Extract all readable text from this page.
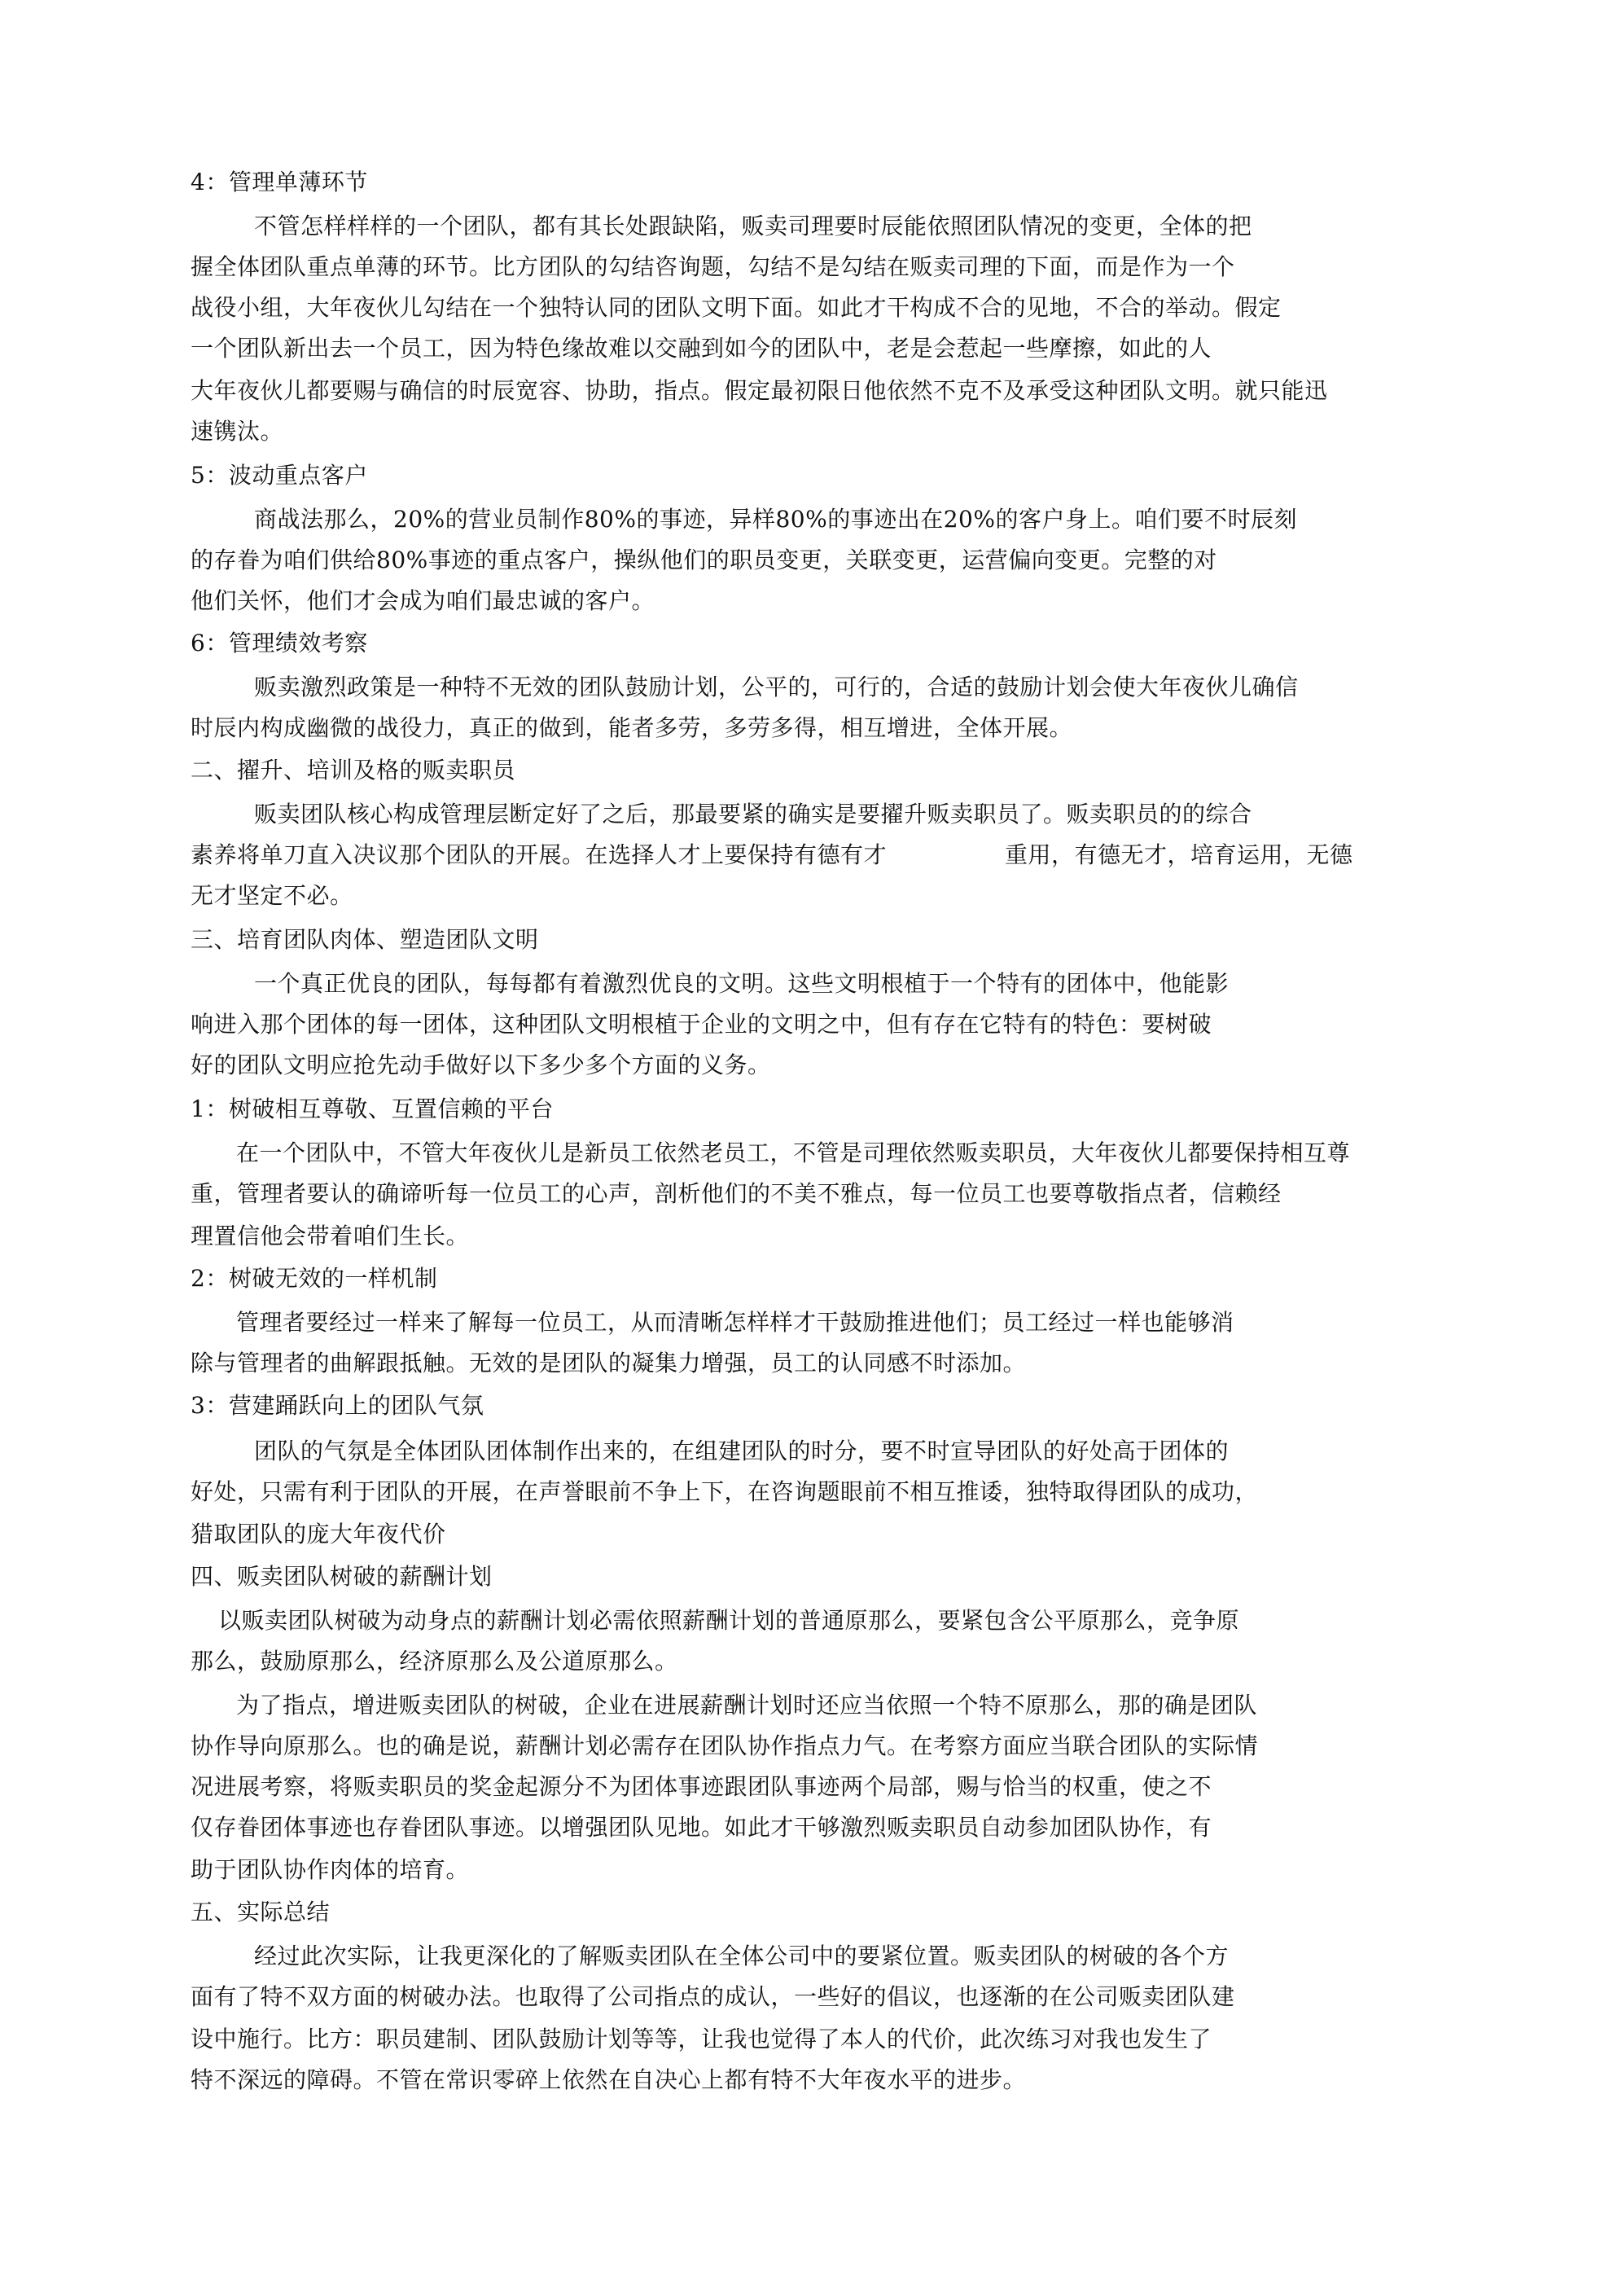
4：管理单薄环节
不管怎样样样的一个团队，都有其长处跟缺陷，贩卖司理要时辰能依照团队情况的变更，全体的把
握全体团队重点单薄的环节。比方团队的勾结咨询题，勾结不是勾结在贩卖司理的下面，而是作为一个
战役小组，大年夜伙儿勾结在一个独特认同的团队文明下面。如此才干构成不合的见地，不合的举动。假定
一个团队新出去一个员工，因为特色缘故难以交融到如今的团队中，老是会惹起一些摩擦，如此的人
大年夜伙儿都要赐与确信的时辰宽容、协助，指点。假定最初限日他依然不克不及承受这种团队文明。就只能迅
速镌汰。
5：波动重点客户
商战法那么，20%的营业员制作80%的事迹，异样80%的事迹出在20%的客户身上。咱们要不时辰刻
的存眷为咱们供给80%事迹的重点客户，操纵他们的职员变更，关联变更，运营偏向变更。完整的对
他们关怀，他们才会成为咱们最忠诚的客户。
6：管理绩效考察
贩卖激烈政策是一种特不无效的团队鼓励计划，公平的，可行的，合适的鼓励计划会使大年夜伙儿确信
时辰内构成幽微的战役力，真正的做到，能者多劳，多劳多得，相互增进，全体开展。
二、擢升、培训及格的贩卖职员
贩卖团队核心构成管理层断定好了之后，那最要紧的确实是要擢升贩卖职员了。贩卖职员的的综合
素养将单刀直入决议那个团队的开展。在选择人才上要保持有德有才	重用，有德无才，培育运用，无德
无才坚定不必。
三、培育团队肉体、塑造团队文明
一个真正优良的团队，每每都有着激烈优良的文明。这些文明根植于一个特有的团体中，他能影
响进入那个团体的每一团体，这种团队文明根植于企业的文明之中，但有存在它特有的特色：要树破
好的团队文明应抢先动手做好以下多少多个方面的义务。
1：树破相互尊敬、互置信赖的平台
在一个团队中，不管大年夜伙儿是新员工依然老员工，不管是司理依然贩卖职员，大年夜伙儿都要保持相互尊
重，管理者要认的确谛听每一位员工的心声，剖析他们的不美不雅点，每一位员工也要尊敬指点者，信赖经
理置信他会带着咱们生长。
2：树破无效的一样机制
管理者要经过一样来了解每一位员工，从而清晰怎样样才干鼓励推进他们；员工经过一样也能够消
除与管理者的曲解跟抵触。无效的是团队的凝集力增强，员工的认同感不时添加。
3：营建踊跃向上的团队气氛
团队的气氛是全体团队团体制作出来的，在组建团队的时分，要不时宣导团队的好处高于团体的
好处，只需有利于团队的开展，在声誉眼前不争上下，在咨询题眼前不相互推诿，独特取得团队的成功，
猎取团队的庞大年夜代价
四、贩卖团队树破的薪酬计划
以贩卖团队树破为动身点的薪酬计划必需依照薪酬计划的普通原那么，要紧包含公平原那么，竞争原
那么，鼓励原那么，经济原那么及公道原那么。
为了指点，增进贩卖团队的树破，企业在进展薪酬计划时还应当依照一个特不原那么，那的确是团队
协作导向原那么。也的确是说，薪酬计划必需存在团队协作指点力气。在考察方面应当联合团队的实际情
况进展考察，将贩卖职员的奖金起源分不为团体事迹跟团队事迹两个局部，赐与恰当的权重，使之不
仅存眷团体事迹也存眷团队事迹。以增强团队见地。如此才干够激烈贩卖职员自动参加团队协作，有
助于团队协作肉体的培育。
五、实际总结
经过此次实际，让我更深化的了解贩卖团队在全体公司中的要紧位置。贩卖团队的树破的各个方
面有了特不双方面的树破办法。也取得了公司指点的成认，一些好的倡议，也逐渐的在公司贩卖团队建
设中施行。比方：职员建制、团队鼓励计划等等，让我也觉得了本人的代价，此次练习对我也发生了
特不深远的障碍。不管在常识零碎上依然在自决心上都有特不大年夜水平的进步。
